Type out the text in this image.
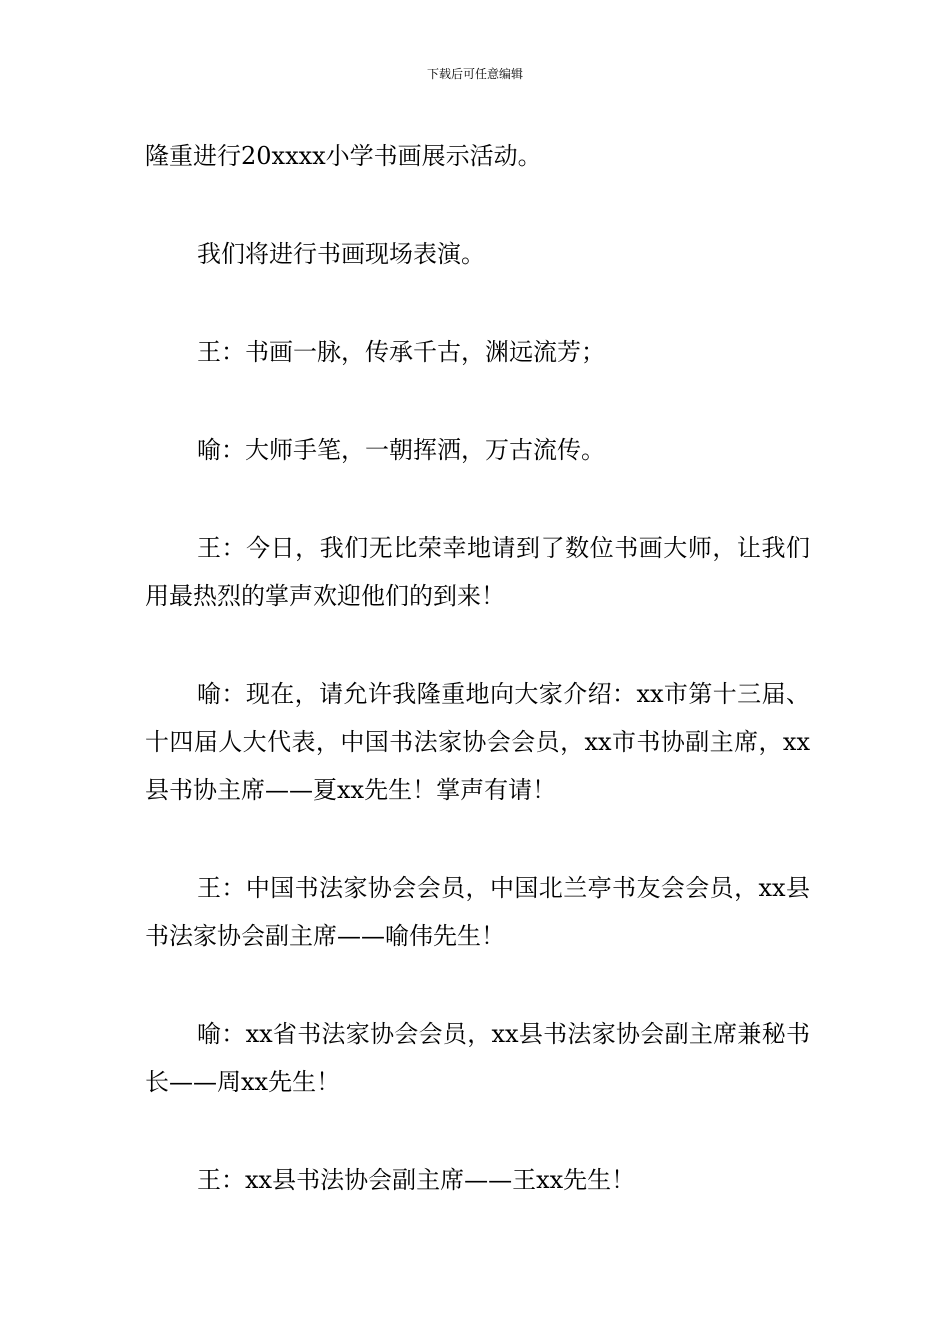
下载后可任意编辑

隆重进行20xxxx小学书画展示活动。

我们将进行书画现场表演。

王：书画一脉，传承千古，渊远流芳；

喻：大师手笔，一朝挥洒，万古流传。

王：今日，我们无比荣幸地请到了数位书画大师，让我们用最热烈的掌声欢迎他们的到来！

喻：现在，请允许我隆重地向大家介绍：xx市第十三届、十四届人大代表，中国书法家协会会员，xx市书协副主席，xx县书协主席——夏xx先生！掌声有请！

王：中国书法家协会会员，中国北兰亭书友会会员，xx县书法家协会副主席——喻伟先生！

喻：xx省书法家协会会员，xx县书法家协会副主席兼秘书长——周xx先生！

王：xx县书法协会副主席——王xx先生！
